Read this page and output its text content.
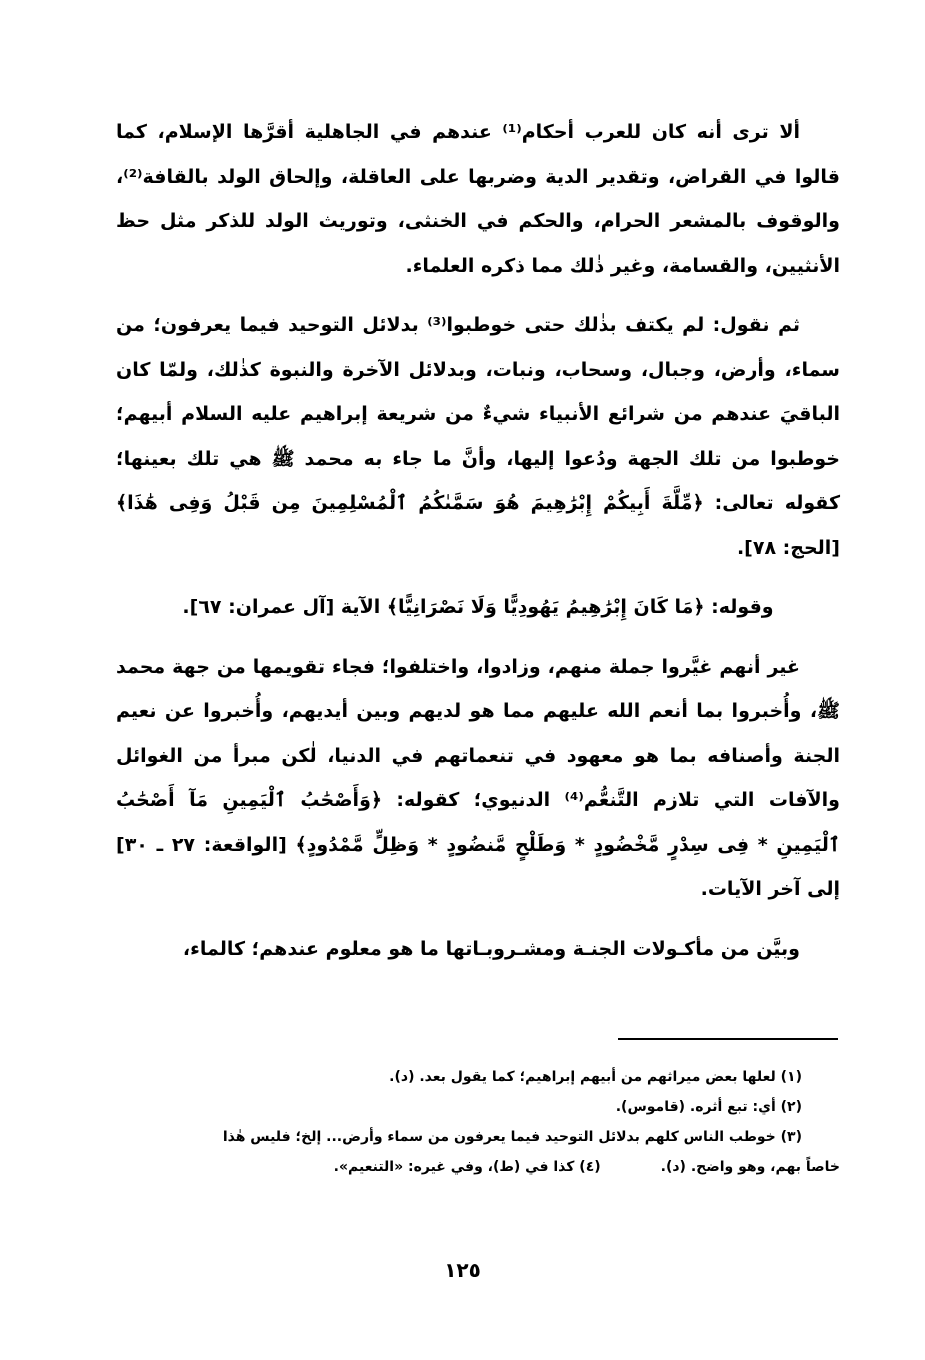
ألا ترى أنه كان للعرب أحكام⁽¹⁾ عندهم في الجاهلية أقرَّها الإسلام، كما قالوا في القراض، وتقدير الدية وضربها على العاقلة، وإلحاق الولد بالقافة⁽²⁾، والوقوف بالمشعر الحرام، والحكم في الخنثى، وتوريث الولد للذكر مثل حظ الأنثيين، والقسامة، وغير ذٰلك مما ذكره العلماء.

ثم نقول: لم يكتف بذٰلك حتى خوطبوا⁽³⁾ بدلائل التوحيد فيما يعرفون؛ من سماء، وأرض، وجبال، وسحاب، ونبات، وبدلائل الآخرة والنبوة كذٰلك، ولمّا كان الباقيَ عندهم من شرائع الأنبياء شيءٌ من شريعة إبراهيم عليه السلام أبيهم؛ خوطبوا من تلك الجهة ودُعوا إليها، وأنَّ ما جاء به محمد ﷺ هي تلك بعينها؛ كقوله تعالى: ﴿مِّلَّةَ أَبِيكُمْ إِبْرَٰهِيمَ هُوَ سَمَّىٰكُمُ ٱلْمُسْلِمِينَ مِن قَبْلُ وَفِى هَٰذَا﴾ [الحج: ٧٨].

وقوله: ﴿مَا كَانَ إِبْرَٰهِيمُ يَهُودِيًّا وَلَا نَصْرَانِيًّا﴾ الآية [آل عمران: ٦٧].

غير أنهم غيَّروا جملة منهم، وزادوا، واختلفوا؛ فجاء تقويمها من جهة محمد ﷺ، وأُخبروا بما أنعم الله عليهم مما هو لديهم وبين أيديهم، وأُخبروا عن نعيم الجنة وأصنافه بما هو معهود في تنعماتهم في الدنيا، لٰكن مبرأ من الغوائل والآفات التي تلازم التَّنعُّم⁽⁴⁾ الدنيوي؛ كقوله: ﴿وَأَصْحَٰبُ ٱلْيَمِينِ مَآ أَصْحَٰبُ ٱلْيَمِينِ * فِى سِدْرٍ مَّخْضُودٍ * وَطَلْحٍ مَّنضُودٍ * وَظِلٍّ مَّمْدُودٍ﴾ [الواقعة: ٢٧ ـ ٣٠] إلى آخر الآيات.

وبيَّن من مأكـولات الجنـة ومشـروبـاتها ما هو معلوم عندهم؛ كالماء،

(١) لعلها بعض ميراثهم من أبيهم إبراهيم؛ كما يقول بعد. (د).

(٢) أي: تبع أثره. (قاموس).

(٣) خوطب الناس كلهم بدلائل التوحيد فيما يعرفون من سماء وأرض... إلخ؛ فليس هٰذا

خاصاً بهم، وهو واضح. (د).
(٤) كذا في (ط)، وفي غيره: «التنعيم».
١٢٥
